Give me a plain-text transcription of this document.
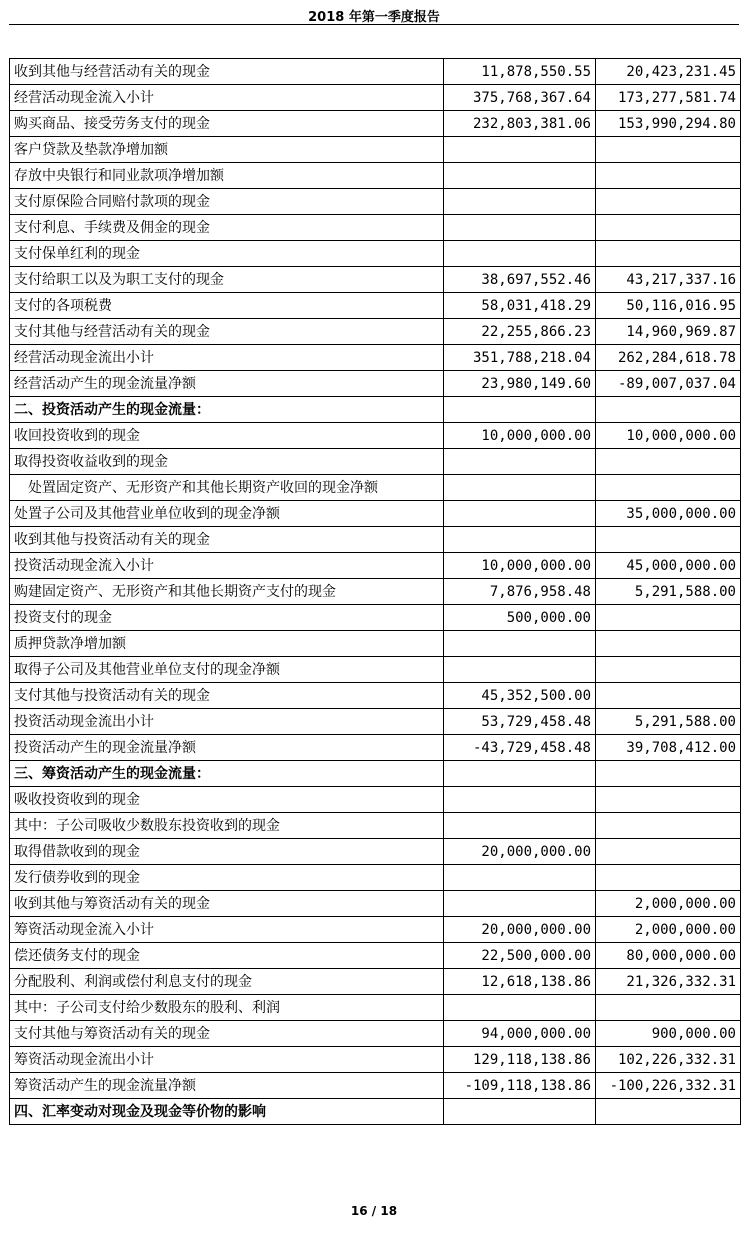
2018 年第一季度报告
收到其他与经营活动有关的现金	11,878,550.55	20,423,231.45
经营活动现金流入小计	375,768,367.64	173,277,581.74
购买商品、接受劳务支付的现金	232,803,381.06	153,990,294.80
客户贷款及垫款净增加额		
存放中央银行和同业款项净增加额		
支付原保险合同赔付款项的现金		
支付利息、手续费及佣金的现金		
支付保单红利的现金		
支付给职工以及为职工支付的现金	38,697,552.46	43,217,337.16
支付的各项税费	58,031,418.29	50,116,016.95
支付其他与经营活动有关的现金	22,255,866.23	14,960,969.87
经营活动现金流出小计	351,788,218.04	262,284,618.78
经营活动产生的现金流量净额	23,980,149.60	-89,007,037.04
二、投资活动产生的现金流量：		
收回投资收到的现金	10,000,000.00	10,000,000.00
取得投资收益收到的现金		
处置固定资产、无形资产和其他长期资产收回的现金净额		
处置子公司及其他营业单位收到的现金净额		35,000,000.00
收到其他与投资活动有关的现金		
投资活动现金流入小计	10,000,000.00	45,000,000.00
购建固定资产、无形资产和其他长期资产支付的现金	7,876,958.48	5,291,588.00
投资支付的现金	500,000.00	
质押贷款净增加额		
取得子公司及其他营业单位支付的现金净额		
支付其他与投资活动有关的现金	45,352,500.00	
投资活动现金流出小计	53,729,458.48	5,291,588.00
投资活动产生的现金流量净额	-43,729,458.48	39,708,412.00
三、筹资活动产生的现金流量：		
吸收投资收到的现金		
其中：子公司吸收少数股东投资收到的现金		
取得借款收到的现金	20,000,000.00	
发行债券收到的现金		
收到其他与筹资活动有关的现金		2,000,000.00
筹资活动现金流入小计	20,000,000.00	2,000,000.00
偿还债务支付的现金	22,500,000.00	80,000,000.00
分配股利、利润或偿付利息支付的现金	12,618,138.86	21,326,332.31
其中：子公司支付给少数股东的股利、利润		
支付其他与筹资活动有关的现金	94,000,000.00	900,000.00
筹资活动现金流出小计	129,118,138.86	102,226,332.31
筹资活动产生的现金流量净额	-109,118,138.86	-100,226,332.31
四、汇率变动对现金及现金等价物的影响		
16 / 18
